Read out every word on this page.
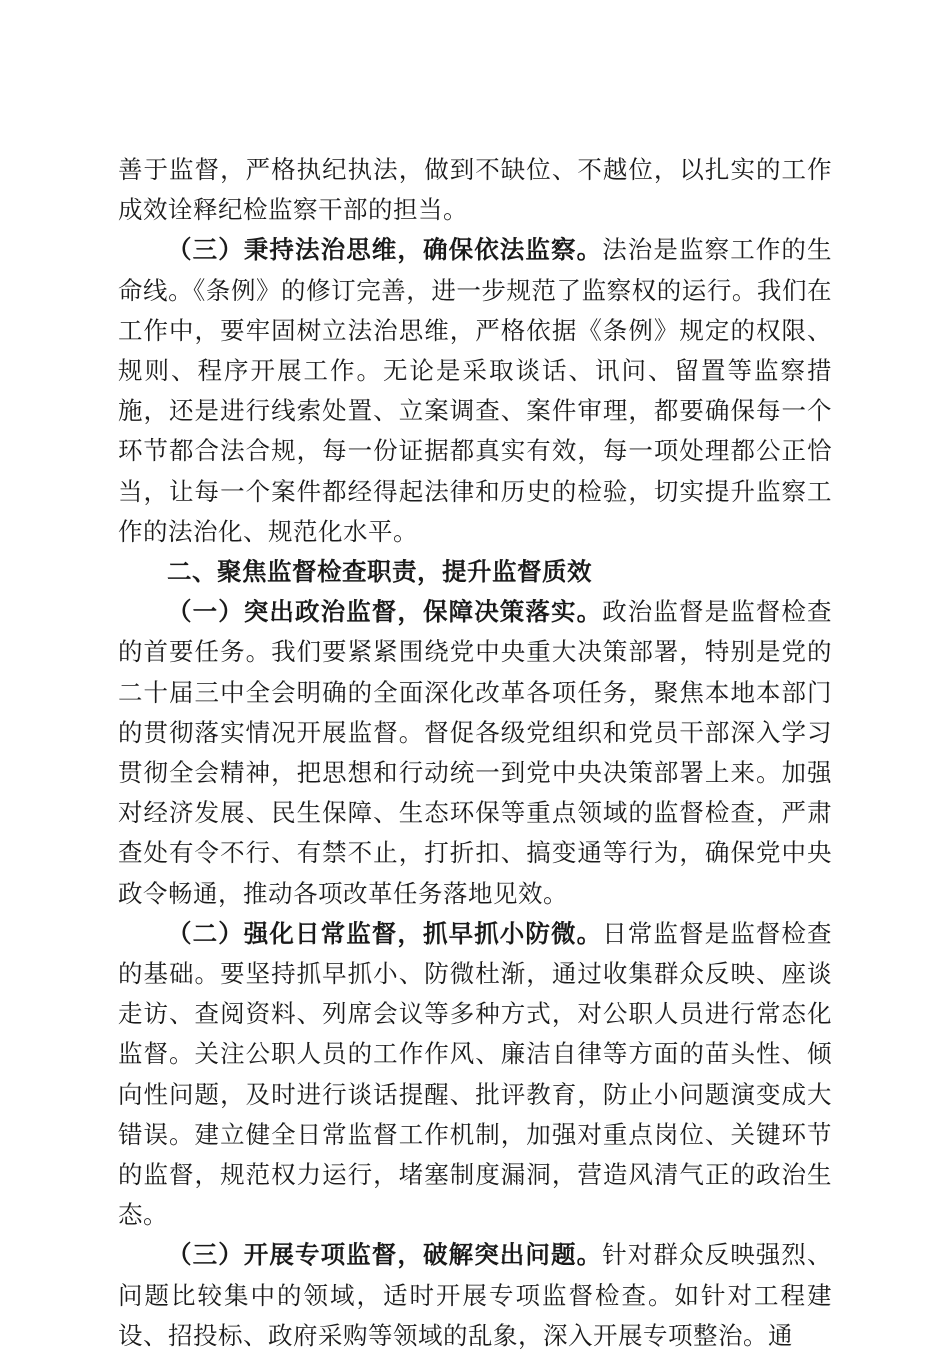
善于监督，严格执纪执法，做到不缺位、不越位，以扎实的工作成效诠释纪检监察干部的担当。

（三）秉持法治思维，确保依法监察。法治是监察工作的生命线。《条例》的修订完善，进一步规范了监察权的运行。我们在工作中，要牢固树立法治思维，严格依据《条例》规定的权限、规则、程序开展工作。无论是采取谈话、讯问、留置等监察措施，还是进行线索处置、立案调查、案件审理，都要确保每一个环节都合法合规，每一份证据都真实有效，每一项处理都公正恰当，让每一个案件都经得起法律和历史的检验，切实提升监察工作的法治化、规范化水平。

二、聚焦监督检查职责，提升监督质效

（一）突出政治监督，保障决策落实。政治监督是监督检查的首要任务。我们要紧紧围绕党中央重大决策部署，特别是党的二十届三中全会明确的全面深化改革各项任务，聚焦本地本部门的贯彻落实情况开展监督。督促各级党组织和党员干部深入学习贯彻全会精神，把思想和行动统一到党中央决策部署上来。加强对经济发展、民生保障、生态环保等重点领域的监督检查，严肃查处有令不行、有禁不止，打折扣、搞变通等行为，确保党中央政令畅通，推动各项改革任务落地见效。

（二）强化日常监督，抓早抓小防微。日常监督是监督检查的基础。要坚持抓早抓小、防微杜渐，通过收集群众反映、座谈走访、查阅资料、列席会议等多种方式，对公职人员进行常态化监督。关注公职人员的工作作风、廉洁自律等方面的苗头性、倾向性问题，及时进行谈话提醒、批评教育，防止小问题演变成大错误。建立健全日常监督工作机制，加强对重点岗位、关键环节的监督，规范权力运行，堵塞制度漏洞，营造风清气正的政治生态。

（三）开展专项监督，破解突出问题。针对群众反映强烈、问题比较集中的领域，适时开展专项监督检查。如针对工程建设、招投标、政府采购等领域的乱象，深入开展专项整治。通
